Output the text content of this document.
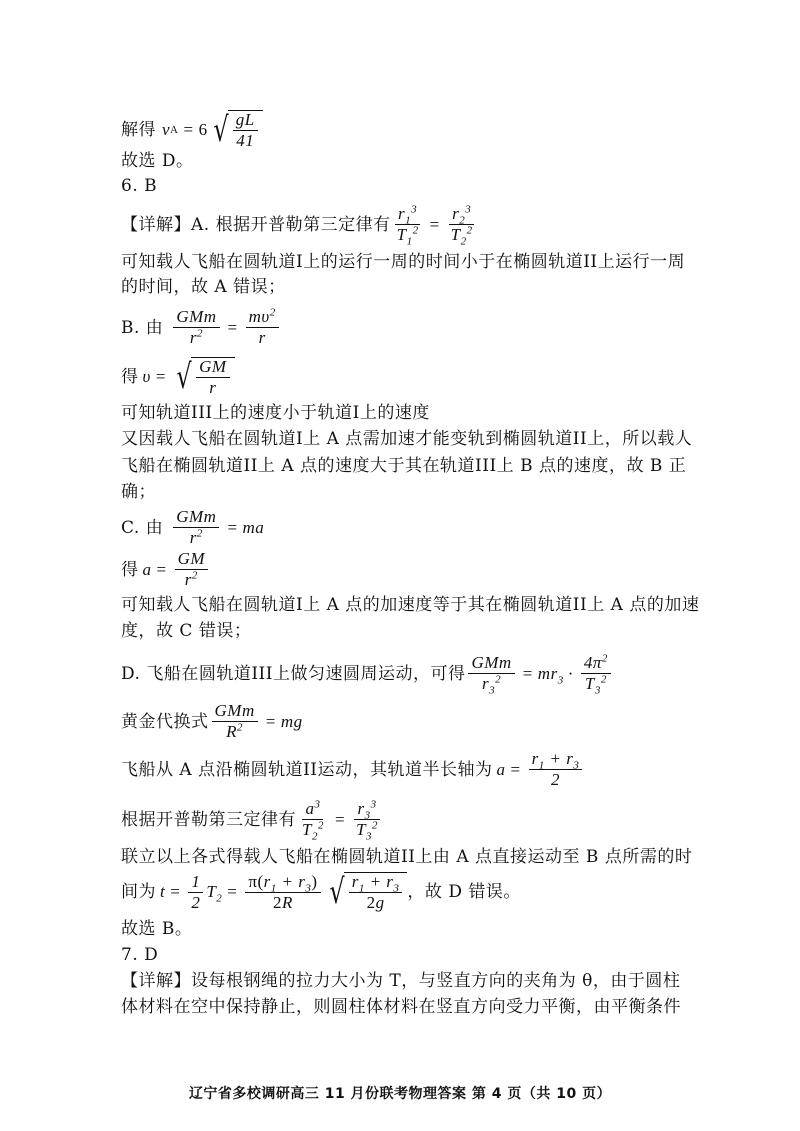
解得 v A = 6 √ $\frac{gL}{41}$
故选 D。
6. B
【详解】A. 根据开普勒第三定律有 $\frac{r_1^3}{T_1^2} = \frac{r_2^3}{T_2^2}$
可知载人飞船在圆轨道I上的运行一周的时间小于在椭圆轨道II上运行一周
的时间，故 A 错误；
B. 由 $\frac{\text{GMm}}{r^2} = \frac{m\upsilon^2}{r}$
得 υ = √ $\frac{GM}{r}$
可知轨道III上的速度小于轨道I上的速度
又因载人飞船在圆轨道I上 A 点需加速才能变轨到椭圆轨道II上，所以载人
飞船在椭圆轨道II上 A 点的速度大于其在轨道III上 B 点的速度，故 B 正
确；
C. 由 $\frac{\text{GMm}}{r^2}$ = ma
得 $a = \frac{GM}{r^2}$
可知载人飞船在圆轨道I上 A 点的加速度等于其在椭圆轨道II上 A 点的加速
度，故 C 错误；
D. 飞船在圆轨道III上做匀速圆周运动，可得 $\frac{\text{GMm}}{r_3^2} = mr_3 \cdot \frac{4\pi^2}{T_3^2}$
黄金代换式 $\frac{\text{GMm}}{R^2}$ = mg
飞船从 A 点沿椭圆轨道II运动，其轨道半长轴为 $a = \frac{r_1 + r_3}{2}$
根据开普勒第三定律有 $\frac{a^3}{T_2^2} = \frac{r_3^3}{T_3^2}$
联立以上各式得载人飞船在椭圆轨道II上由 A 点直接运动至 B 点所需的时
间为 $t = \frac{1}{2} T_2 = \frac{\pi(r_1 + r_3)}{2R}$ √ $\frac{r_1 + r_3}{2g}$ ，故 D 错误。
故选 B。
7. D
【详解】设每根钢绳的拉力大小为 T，与竖直方向的夹角为 θ，由于圆柱
体材料在空中保持静止，则圆柱体材料在竖直方向受力平衡，由平衡条件
辽宁省多校调研高三 11 月份联考物理答案 第 4 页（共 10 页）
